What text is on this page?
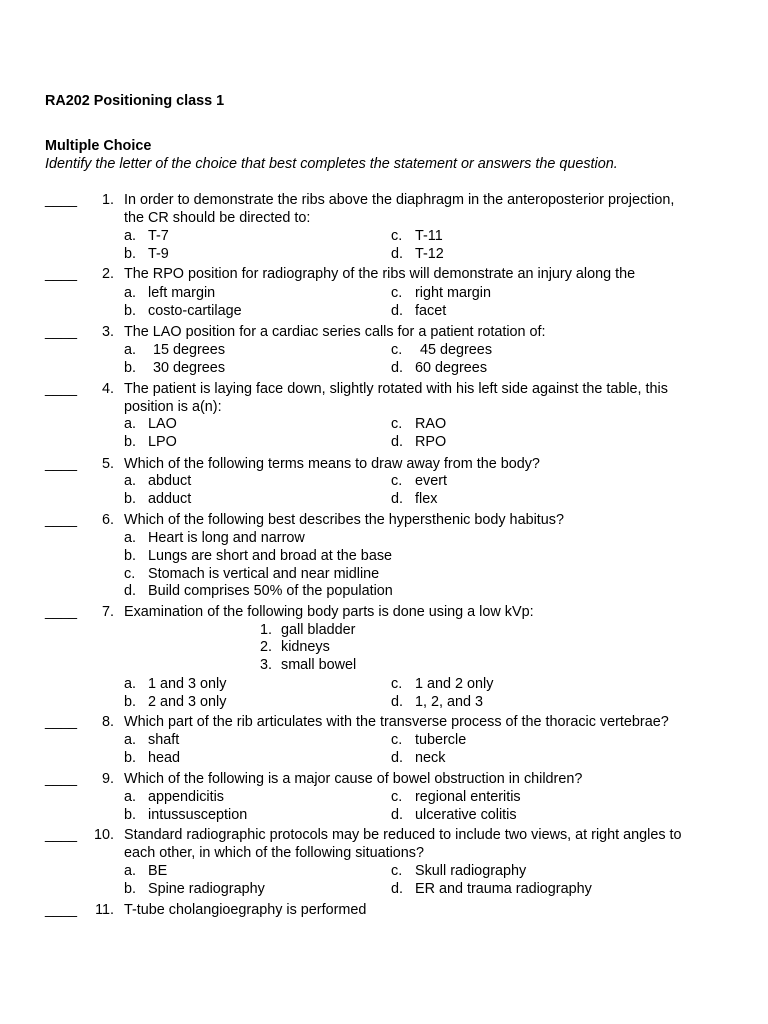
RA202 Positioning class 1
Multiple Choice
Identify the letter of the choice that best completes the statement or answers the question.
____	1. In order to demonstrate the ribs above the diaphragm in the anteroposterior projection,
the CR should be directed to:
a. T-7
b. T-9
c. T-11
d. T-12
____	2. The RPO position for radiography of the ribs will demonstrate an injury along the
a. left margin
b. costo-cartilage
c. right margin
d. facet
____	3. The LAO position for a cardiac series calls for a patient rotation of:
a. 15 degrees
b. 30 degrees
c. 45 degrees
d. 60 degrees
____	4. The patient is laying face down, slightly rotated with his left side against the table, this
position is a(n):
a. LAO
b. LPO
c. RAO
d. RPO
____	5. Which of the following terms means to draw away from the body?
a. abduct
b. adduct
c. evert
d. flex
____	6. Which of the following best describes the hypersthenic body habitus?
a. Heart is long and narrow
b. Lungs are short and broad at the base
c. Stomach is vertical and near midline
d. Build comprises 50% of the population
____	7. Examination of the following body parts is done using a low kVp:
1. gall bladder
2. kidneys
3. small bowel
a. 1 and 3 only
b. 2 and 3 only
c. 1 and 2 only
d. 1, 2, and 3
____	8. Which part of the rib articulates with the transverse process of the thoracic vertebrae?
a. shaft
b. head
c. tubercle
d. neck
____	9. Which of the following is a major cause of bowel obstruction in children?
a. appendicitis
b. intussusception
c. regional enteritis
d. ulcerative colitis
____	10. Standard radiographic protocols may be reduced to include two views, at right angles to
each other, in which of the following situations?
a. BE
b. Spine radiography
c. Skull radiography
d. ER and trauma radiography
____	11. T-tube cholangioegraphy is performed
